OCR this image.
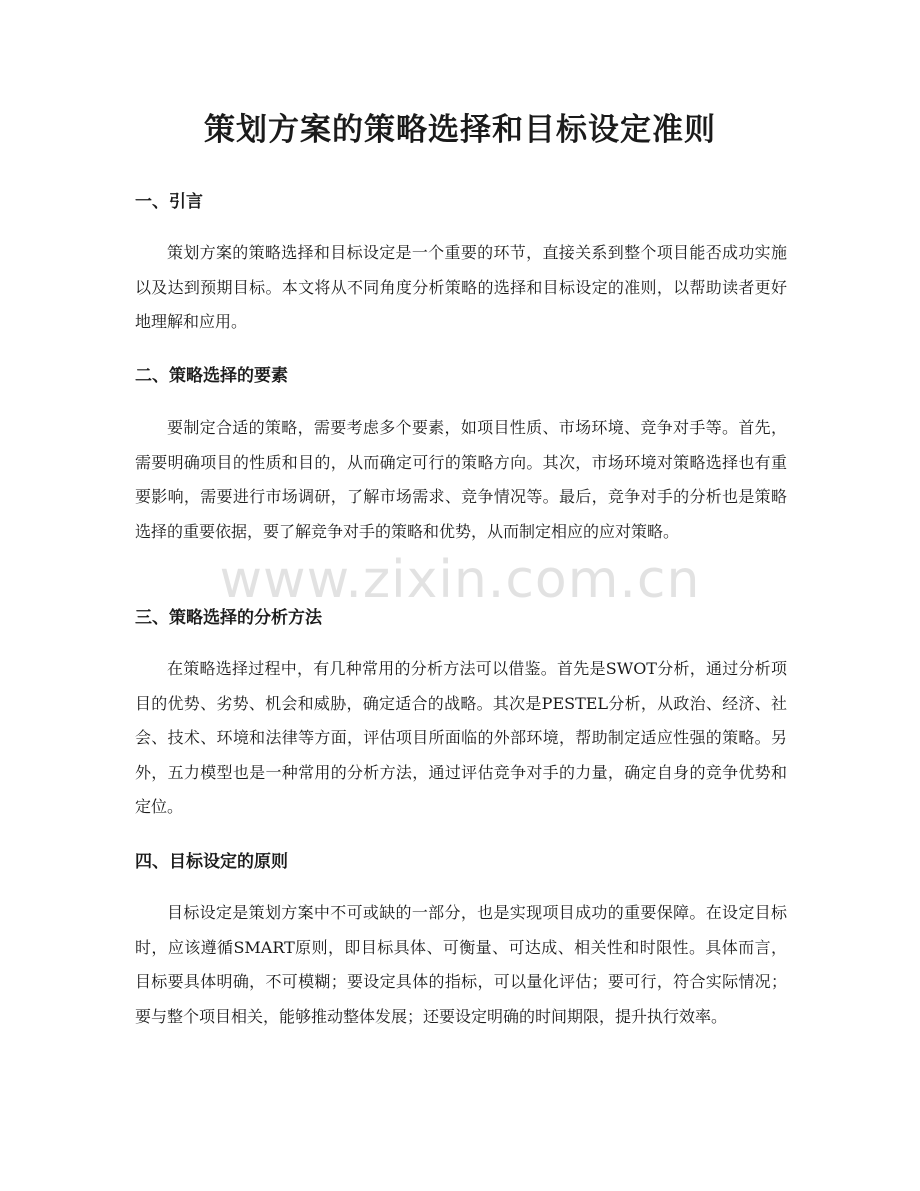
策划方案的策略选择和目标设定准则
一、引言

策划方案的策略选择和目标设定是一个重要的环节，直接关系到整个项目能否成功实施以及达到预期目标。本文将从不同角度分析策略的选择和目标设定的准则，以帮助读者更好地理解和应用。

二、策略选择的要素

要制定合适的策略，需要考虑多个要素，如项目性质、市场环境、竞争对手等。首先，需要明确项目的性质和目的，从而确定可行的策略方向。其次，市场环境对策略选择也有重要影响，需要进行市场调研，了解市场需求、竞争情况等。最后，竞争对手的分析也是策略选择的重要依据，要了解竞争对手的策略和优势，从而制定相应的应对策略。

三、策略选择的分析方法

在策略选择过程中，有几种常用的分析方法可以借鉴。首先是SWOT分析，通过分析项目的优势、劣势、机会和威胁，确定适合的战略。其次是PESTEL分析，从政治、经济、社会、技术、环境和法律等方面，评估项目所面临的外部环境，帮助制定适应性强的策略。另外，五力模型也是一种常用的分析方法，通过评估竞争对手的力量，确定自身的竞争优势和定位。

四、目标设定的原则

目标设定是策划方案中不可或缺的一部分，也是实现项目成功的重要保障。在设定目标时，应该遵循SMART原则，即目标具体、可衡量、可达成、相关性和时限性。具体而言，目标要具体明确，不可模糊；要设定具体的指标，可以量化评估；要可行，符合实际情况；要与整个项目相关，能够推动整体发展；还要设定明确的时间期限，提升执行效率。

www.zixin.com.cn
